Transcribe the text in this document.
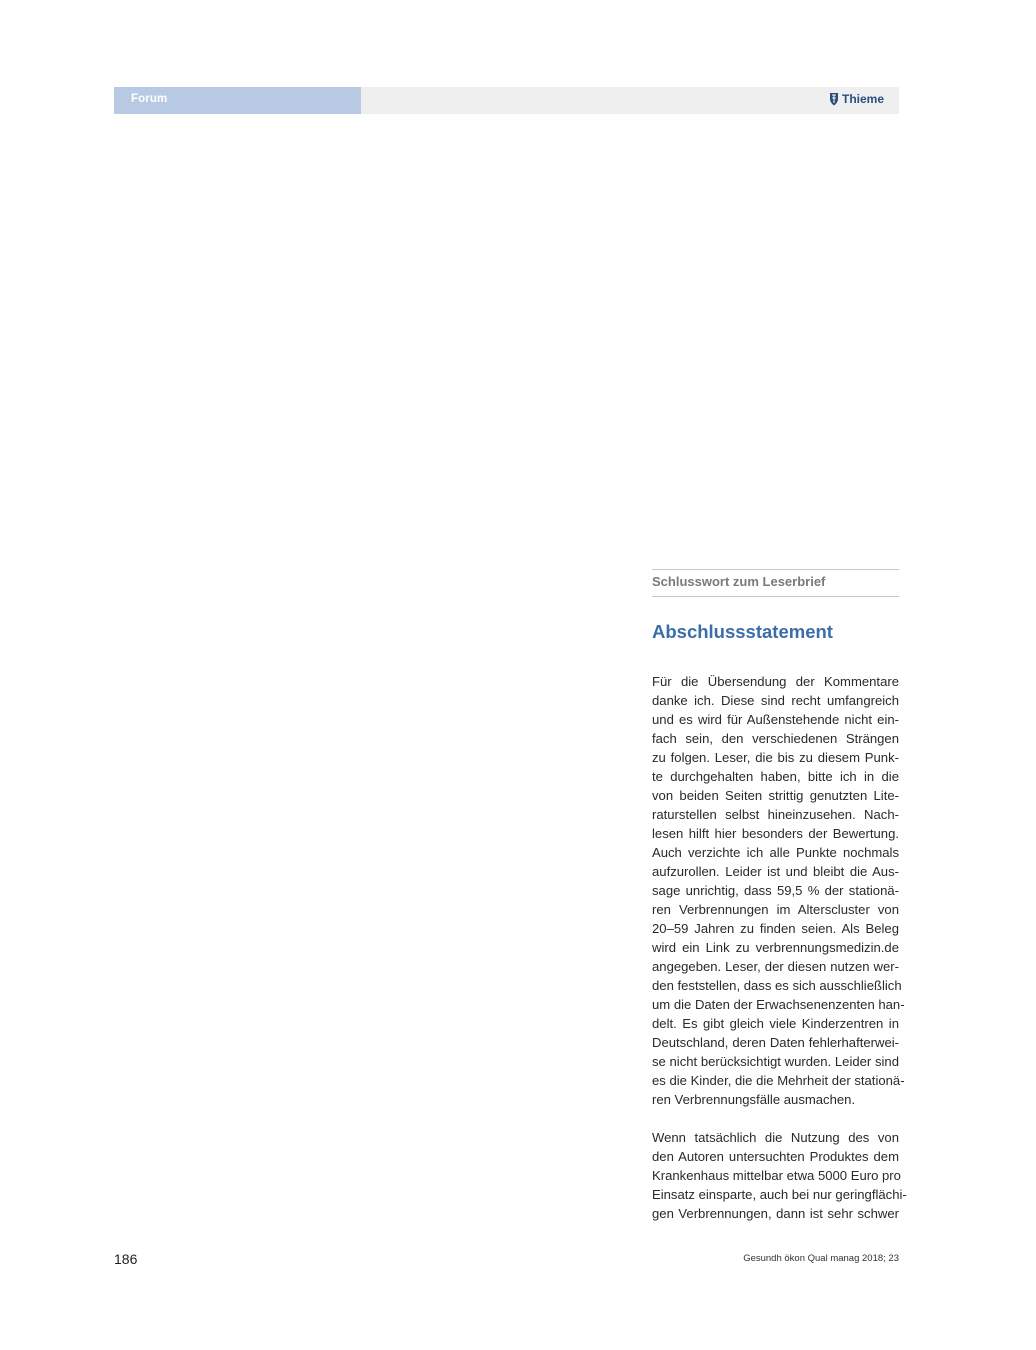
Forum	Thieme
Schlusswort zum Leserbrief
Abschlussstatement
Für die Übersendung der Kommentare
danke ich. Diese sind recht umfangreich
und es wird für Außenstehende nicht ein-
fach sein, den verschiedenen Strängen
zu folgen. Leser, die bis zu diesem Punk-
te durchgehalten haben, bitte ich in die
von beiden Seiten strittig genutzten Lite-
raturstellen selbst hineinzusehen. Nach-
lesen hilft hier besonders der Bewertung.
Auch verzichte ich alle Punkte nochmals
aufzurollen. Leider ist und bleibt die Aus-
sage unrichtig, dass 59,5 % der stationä-
ren Verbrennungen im Alterscluster von
20–59 Jahren zu finden seien. Als Beleg
wird ein Link zu verbrennungsmedizin.de
angegeben. Leser, der diesen nutzen wer-
den feststellen, dass es sich ausschließlich
um die Daten der Erwachsenenzenten han-
delt. Es gibt gleich viele Kinderzentren in
Deutschland, deren Daten fehlerhafterwei-
se nicht berücksichtigt wurden. Leider sind
es die Kinder, die die Mehrheit der stationä-
ren Verbrennungsfälle ausmachen.
Wenn tatsächlich die Nutzung des von
den Autoren untersuchten Produktes dem
Krankenhaus mittelbar etwa 5000 Euro pro
Einsatz einsparte, auch bei nur geringflächi-
gen Verbrennungen, dann ist sehr schwer
186	Gesundh ökon Qual manag 2018; 23
